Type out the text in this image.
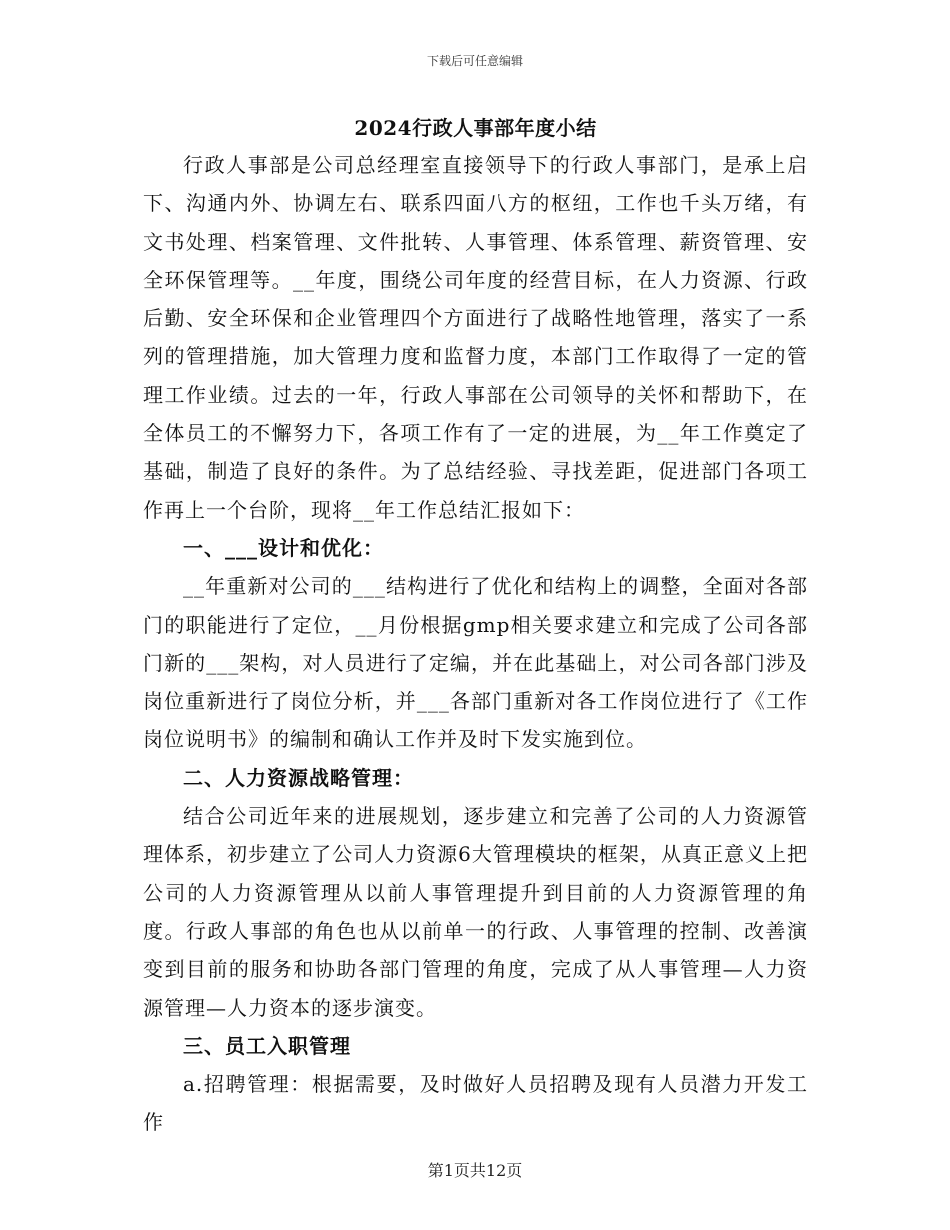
下载后可任意编辑
2024行政人事部年度小结

行政人事部是公司总经理室直接领导下的行政人事部门，是承上启下、沟通内外、协调左右、联系四面八方的枢纽，工作也千头万绪，有文书处理、档案管理、文件批转、人事管理、体系管理、薪资管理、安全环保管理等。__年度，围绕公司年度的经营目标，在人力资源、行政后勤、安全环保和企业管理四个方面进行了战略性地管理，落实了一系列的管理措施，加大管理力度和监督力度，本部门工作取得了一定的管理工作业绩。过去的一年，行政人事部在公司领导的关怀和帮助下，在全体员工的不懈努力下，各项工作有了一定的进展，为__年工作奠定了基础，制造了良好的条件。为了总结经验、寻找差距，促进部门各项工作再上一个台阶，现将__年工作总结汇报如下：

一、___设计和优化：

__年重新对公司的___结构进行了优化和结构上的调整，全面对各部门的职能进行了定位，__月份根据gmp相关要求建立和完成了公司各部门新的___架构，对人员进行了定编，并在此基础上，对公司各部门涉及岗位重新进行了岗位分析，并___各部门重新对各工作岗位进行了《工作岗位说明书》的编制和确认工作并及时下发实施到位。

二、人力资源战略管理：

结合公司近年来的进展规划，逐步建立和完善了公司的人力资源管理体系，初步建立了公司人力资源6大管理模块的框架，从真正意义上把公司的人力资源管理从以前人事管理提升到目前的人力资源管理的角度。行政人事部的角色也从以前单一的行政、人事管理的控制、改善演变到目前的服务和协助各部门管理的角度，完成了从人事管理—人力资源管理—人力资本的逐步演变。

三、员工入职管理

a.招聘管理：根据需要，及时做好人员招聘及现有人员潜力开发工作

第1页共12页
